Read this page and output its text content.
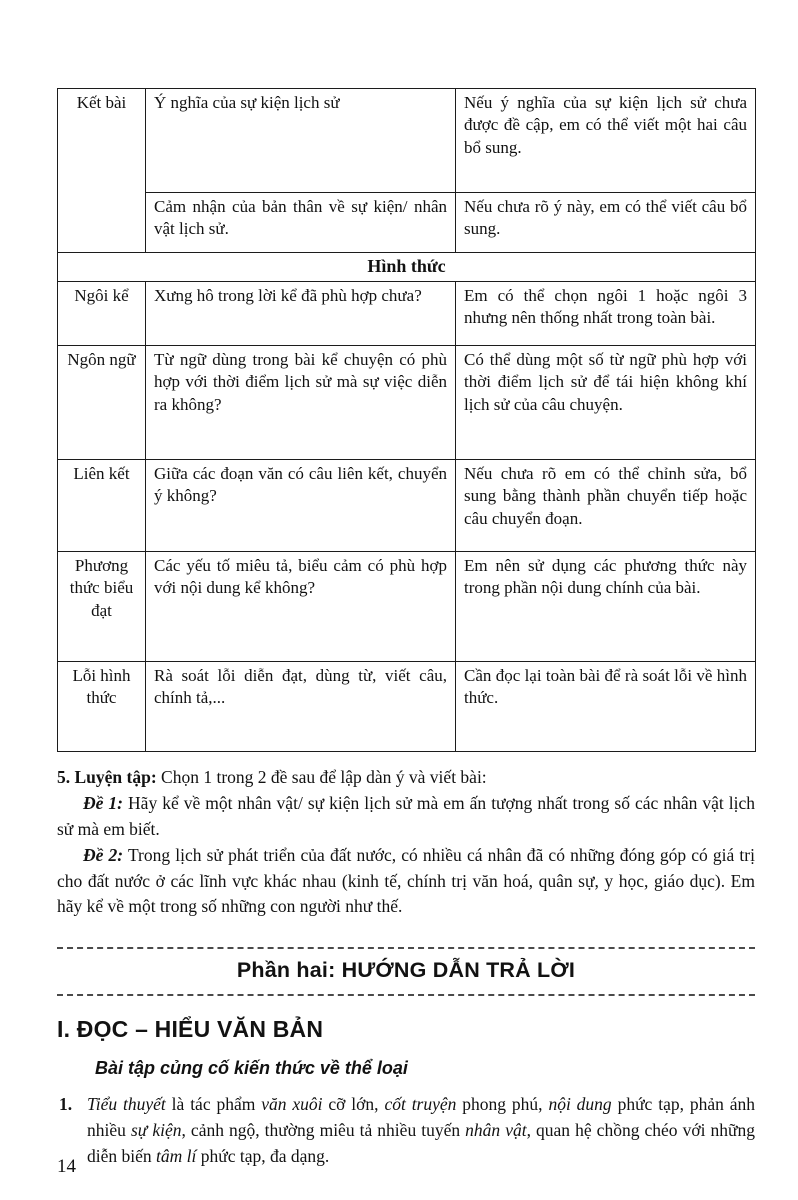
Kết bài	Ý nghĩa của sự kiện lịch sử	Nếu ý nghĩa của sự kiện lịch sử chưa được đề cập, em có thể viết một hai câu bổ sung.
	Cảm nhận của bản thân về sự kiện/ nhân vật lịch sử.	Nếu chưa rõ ý này, em có thể viết câu bổ sung.
Hình thức		
Ngôi kể	Xưng hô trong lời kể đã phù hợp chưa?	Em có thể chọn ngôi 1 hoặc ngôi 3 nhưng nên thống nhất trong toàn bài.
Ngôn ngữ	Từ ngữ dùng trong bài kể chuyện có phù hợp với thời điểm lịch sử mà sự việc diễn ra không?	Có thể dùng một số từ ngữ phù hợp với thời điểm lịch sử để tái hiện không khí lịch sử của câu chuyện.
Liên kết	Giữa các đoạn văn có câu liên kết, chuyển ý không?	Nếu chưa rõ em có thể chỉnh sửa, bổ sung bằng thành phần chuyển tiếp hoặc câu chuyển đoạn.
Phương thức biểu đạt	Các yếu tố miêu tả, biểu cảm có phù hợp với nội dung kể không?	Em nên sử dụng các phương thức này trong phần nội dung chính của bài.
Lỗi hình thức	Rà soát lỗi diễn đạt, dùng từ, viết câu, chính tả,...	Cần đọc lại toàn bài để rà soát lỗi về hình thức.

5. Luyện tập: Chọn 1 trong 2 đề sau để lập dàn ý và viết bài:

Đề 1: Hãy kể về một nhân vật/ sự kiện lịch sử mà em ấn tượng nhất trong số các nhân vật lịch sử mà em biết.

Đề 2: Trong lịch sử phát triển của đất nước, có nhiều cá nhân đã có những đóng góp có giá trị cho đất nước ở các lĩnh vực khác nhau (kinh tế, chính trị văn hoá, quân sự, y học, giáo dục). Em hãy kể về một trong số những con người như thế.

Phần hai: HƯỚNG DẪN TRẢ LỜI
I. ĐỌC – HIỂU VĂN BẢN
Bài tập củng cố kiến thức về thể loại
1. Tiểu thuyết là tác phẩm văn xuôi cỡ lớn, cốt truyện phong phú, nội dung phức tạp, phản ánh nhiều sự kiện, cảnh ngộ, thường miêu tả nhiều tuyến nhân vật, quan hệ chồng chéo với những diễn biến tâm lí phức tạp, đa dạng.
14
